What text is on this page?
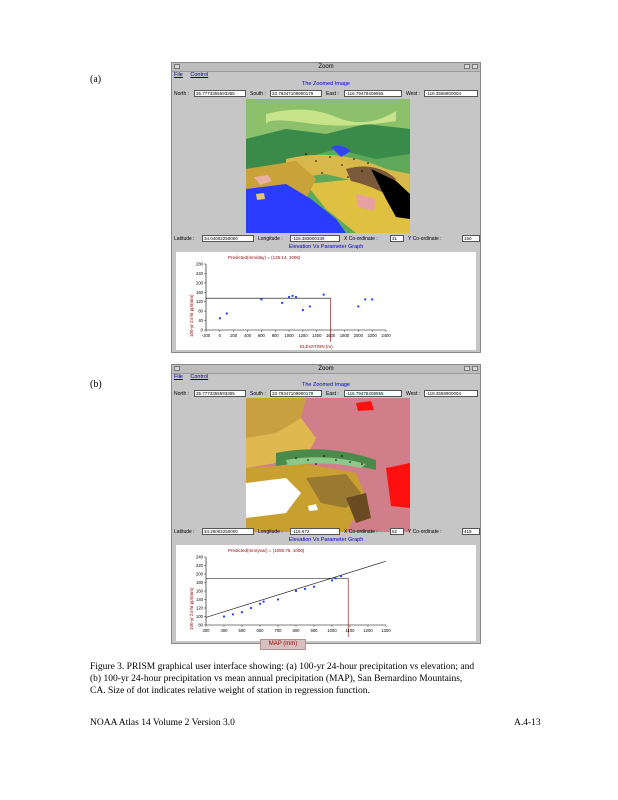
(a)
Zoom
File Control
The Zoomed Image
North :	35.7773355593355	South :	33.78347109900179	East :	-116.79478408555	West :	-118.3558900004
Latitude :	34.04002250000	Longitude :	-118.383000339	X Co-ordinate :	31	Y Co-ordinate :	150
Elevation Vs Parameter Graph
Predicted(mm/day) = (135.14, 1006)
100-yr 24-hr ppt(mm)
ELEVATION (m)
280
240
200
160
120
80
40
0
-200 0 200 400 600 800 1000 1200 1400 1600 1800 2000 2200 2400
(b)
Zoom
File Control
The Zoomed Image
North :	35.7773355593355	South :	33.78347109900179	East :	-116.79478408555	West :	-118.3558900004
Latitude :	34.26002250000	Longitude :	-116.672	X Co-ordinate :	52	Y Co-ordinate :	419
Elevation Vs Parameter Graph
Predicted(mm/year) = (1090.75, 1000)
100-yr 24-hr ppt(mm)
240
220
200
180
160
140
120
100
80
300	400	500	600	700	800	900 1000 1100 1200 1300
MAP (mm)
Figure 3. PRISM graphical user interface showing: (a) 100-yr 24-hour precipitation vs elevation; and
(b) 100-yr 24-hour precipitation vs mean annual precipitation (MAP), San Bernardino Mountains,
CA. Size of dot indicates relative weight of station in regression function.
NOAA Atlas 14 Volume 2 Version 3.0	A.4-13
